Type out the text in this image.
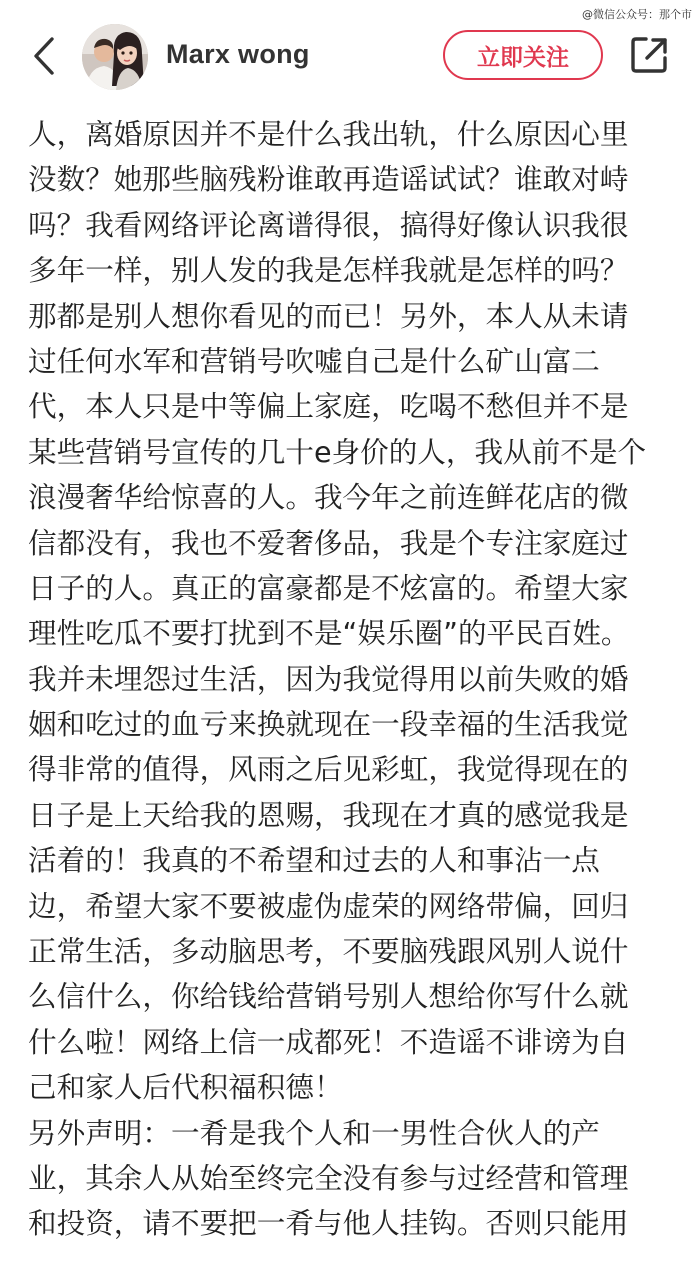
@微信公众号：那个市
Marx wong	立即关注
人，离婚原因并不是什么我出轨，什么原因心里
没数？她那些脑残粉谁敢再造谣试试？谁敢对峙
吗？我看网络评论离谱得很，搞得好像认识我很
多年一样，别人发的我是怎样我就是怎样的吗？
那都是别人想你看见的而已！另外，本人从未请
过任何水军和营销号吹嘘自己是什么矿山富二
代，本人只是中等偏上家庭，吃喝不愁但并不是
某些营销号宣传的几十e身价的人，我从前不是个
浪漫奢华给惊喜的人。我今年之前连鲜花店的微
信都没有，我也不爱奢侈品，我是个专注家庭过
日子的人。真正的富豪都是不炫富的。希望大家
理性吃瓜不要打扰到不是“娱乐圈”的平民百姓。
我并未埋怨过生活，因为我觉得用以前失败的婚
姻和吃过的血亏来换就现在一段幸福的生活我觉
得非常的值得，风雨之后见彩虹，我觉得现在的
日子是上天给我的恩赐，我现在才真的感觉我是
活着的！我真的不希望和过去的人和事沾一点
边，希望大家不要被虚伪虚荣的网络带偏，回归
正常生活，多动脑思考，不要脑残跟风别人说什
么信什么，你给钱给营销号别人想给你写什么就
什么啦！网络上信一成都死！不造谣不诽谤为自
己和家人后代积福积德！
另外声明：一肴是我个人和一男性合伙人的产
业，其余人从始至终完全没有参与过经营和管理
和投资，请不要把一肴与他人挂钩。否则只能用
